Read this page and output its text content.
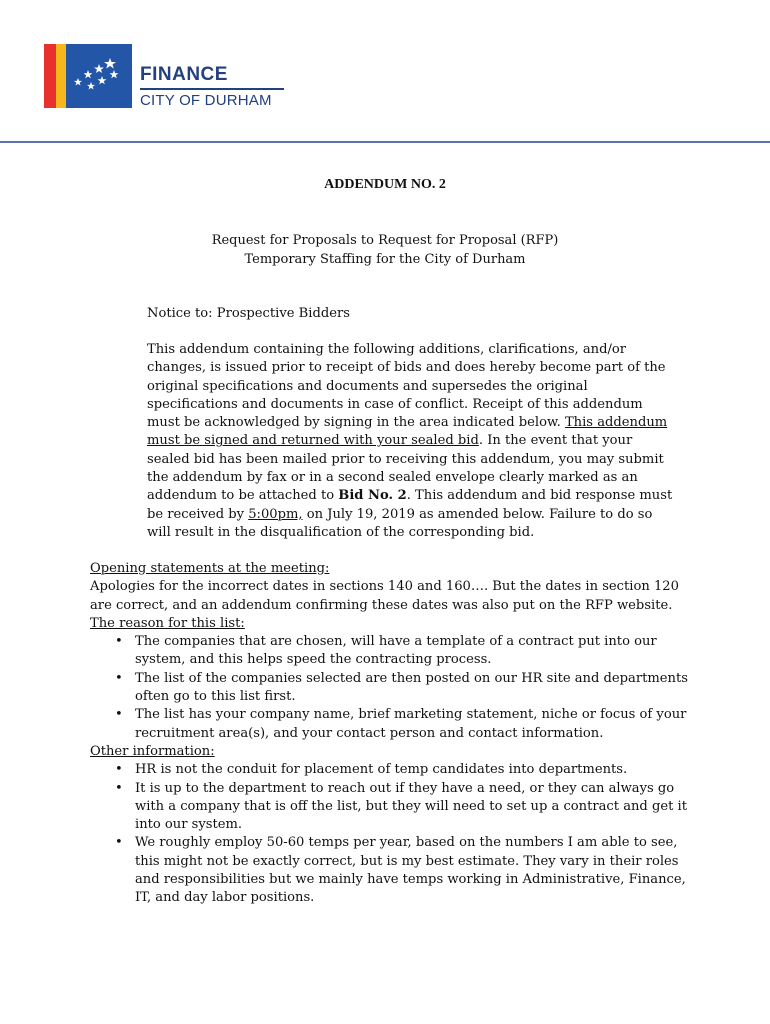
FINANCE
CITY OF DURHAM
ADDENDUM NO. 2
Request for Proposals to Request for Proposal (RFP)
Temporary Staffing for the City of Durham
Notice to: Prospective Bidders
This addendum containing the following additions, clarifications, and/or changes, is issued prior to receipt of bids and does hereby become part of the original specifications and documents and supersedes the original specifications and documents in case of conflict. Receipt of this addendum must be acknowledged by signing in the area indicated below. This addendum must be signed and returned with your sealed bid. In the event that your sealed bid has been mailed prior to receiving this addendum, you may submit the addendum by fax or in a second sealed envelope clearly marked as an addendum to be attached to Bid No. 2. This addendum and bid response must be received by 5:00pm, on July 19, 2019 as amended below. Failure to do so will result in the disqualification of the corresponding bid.
Opening statements at the meeting:
Apologies for the incorrect dates in sections 140 and 160…. But the dates in section 120 are correct, and an addendum confirming these dates was also put on the RFP website.
The reason for this list:
• The companies that are chosen, will have a template of a contract put into our system, and this helps speed the contracting process.
• The list of the companies selected are then posted on our HR site and departments often go to this list first.
• The list has your company name, brief marketing statement, niche or focus of your recruitment area(s), and your contact person and contact information.
Other information:
• HR is not the conduit for placement of temp candidates into departments.
• It is up to the department to reach out if they have a need, or they can always go with a company that is off the list, but they will need to set up a contract and get it into our system.
• We roughly employ 50-60 temps per year, based on the numbers I am able to see, this might not be exactly correct, but is my best estimate. They vary in their roles and responsibilities but we mainly have temps working in Administrative, Finance, IT, and day labor positions.
